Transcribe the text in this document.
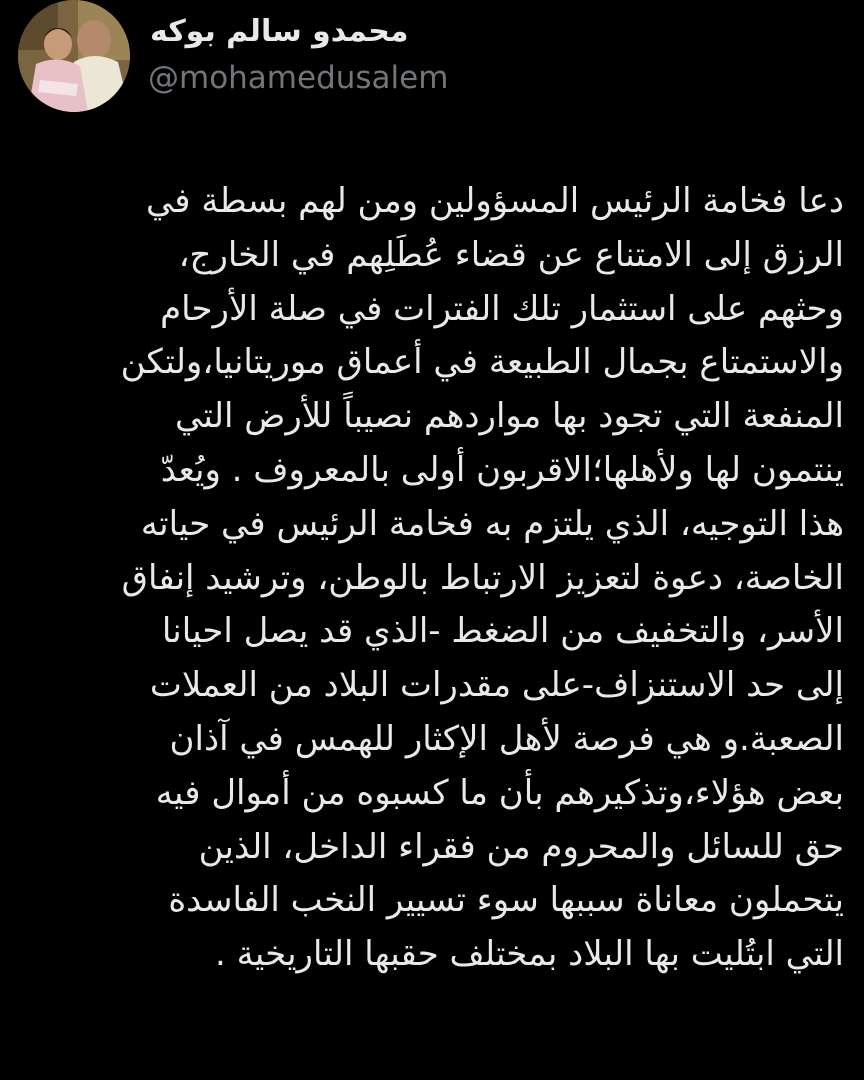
محمدو سالم بوكه
@mohamedusalem
دعا فخامة الرئيس المسؤولين ومن لهم بسطة في
الرزق إلى الامتناع عن قضاء عُطَلِهم في الخارج،
وحثهم على استثمار تلك الفترات في صلة الأرحام
والاستمتاع بجمال الطبيعة في أعماق موريتانيا،ولتكن
المنفعة التي تجود بها مواردهم نصيباً للأرض التي
ينتمون لها ولأهلها؛الاقربون أولى بالمعروف . ويُعدّ
هذا التوجيه، الذي يلتزم به فخامة الرئيس في حياته
الخاصة، دعوة لتعزيز الارتباط بالوطن، وترشيد إنفاق
الأسر، والتخفيف من الضغط -الذي قد يصل احيانا
إلى حد الاستنزاف-على مقدرات البلاد من العملات
الصعبة.و هي فرصة لأهل الإكثار للهمس في آذان
بعض هؤلاء،وتذكيرهم بأن ما كسبوه من أموال فيه
حق للسائل والمحروم من فقراء الداخل، الذين
يتحملون معاناة سببها سوء تسيير النخب الفاسدة
التي ابتُليت بها البلاد بمختلف حقبها التاريخية .
